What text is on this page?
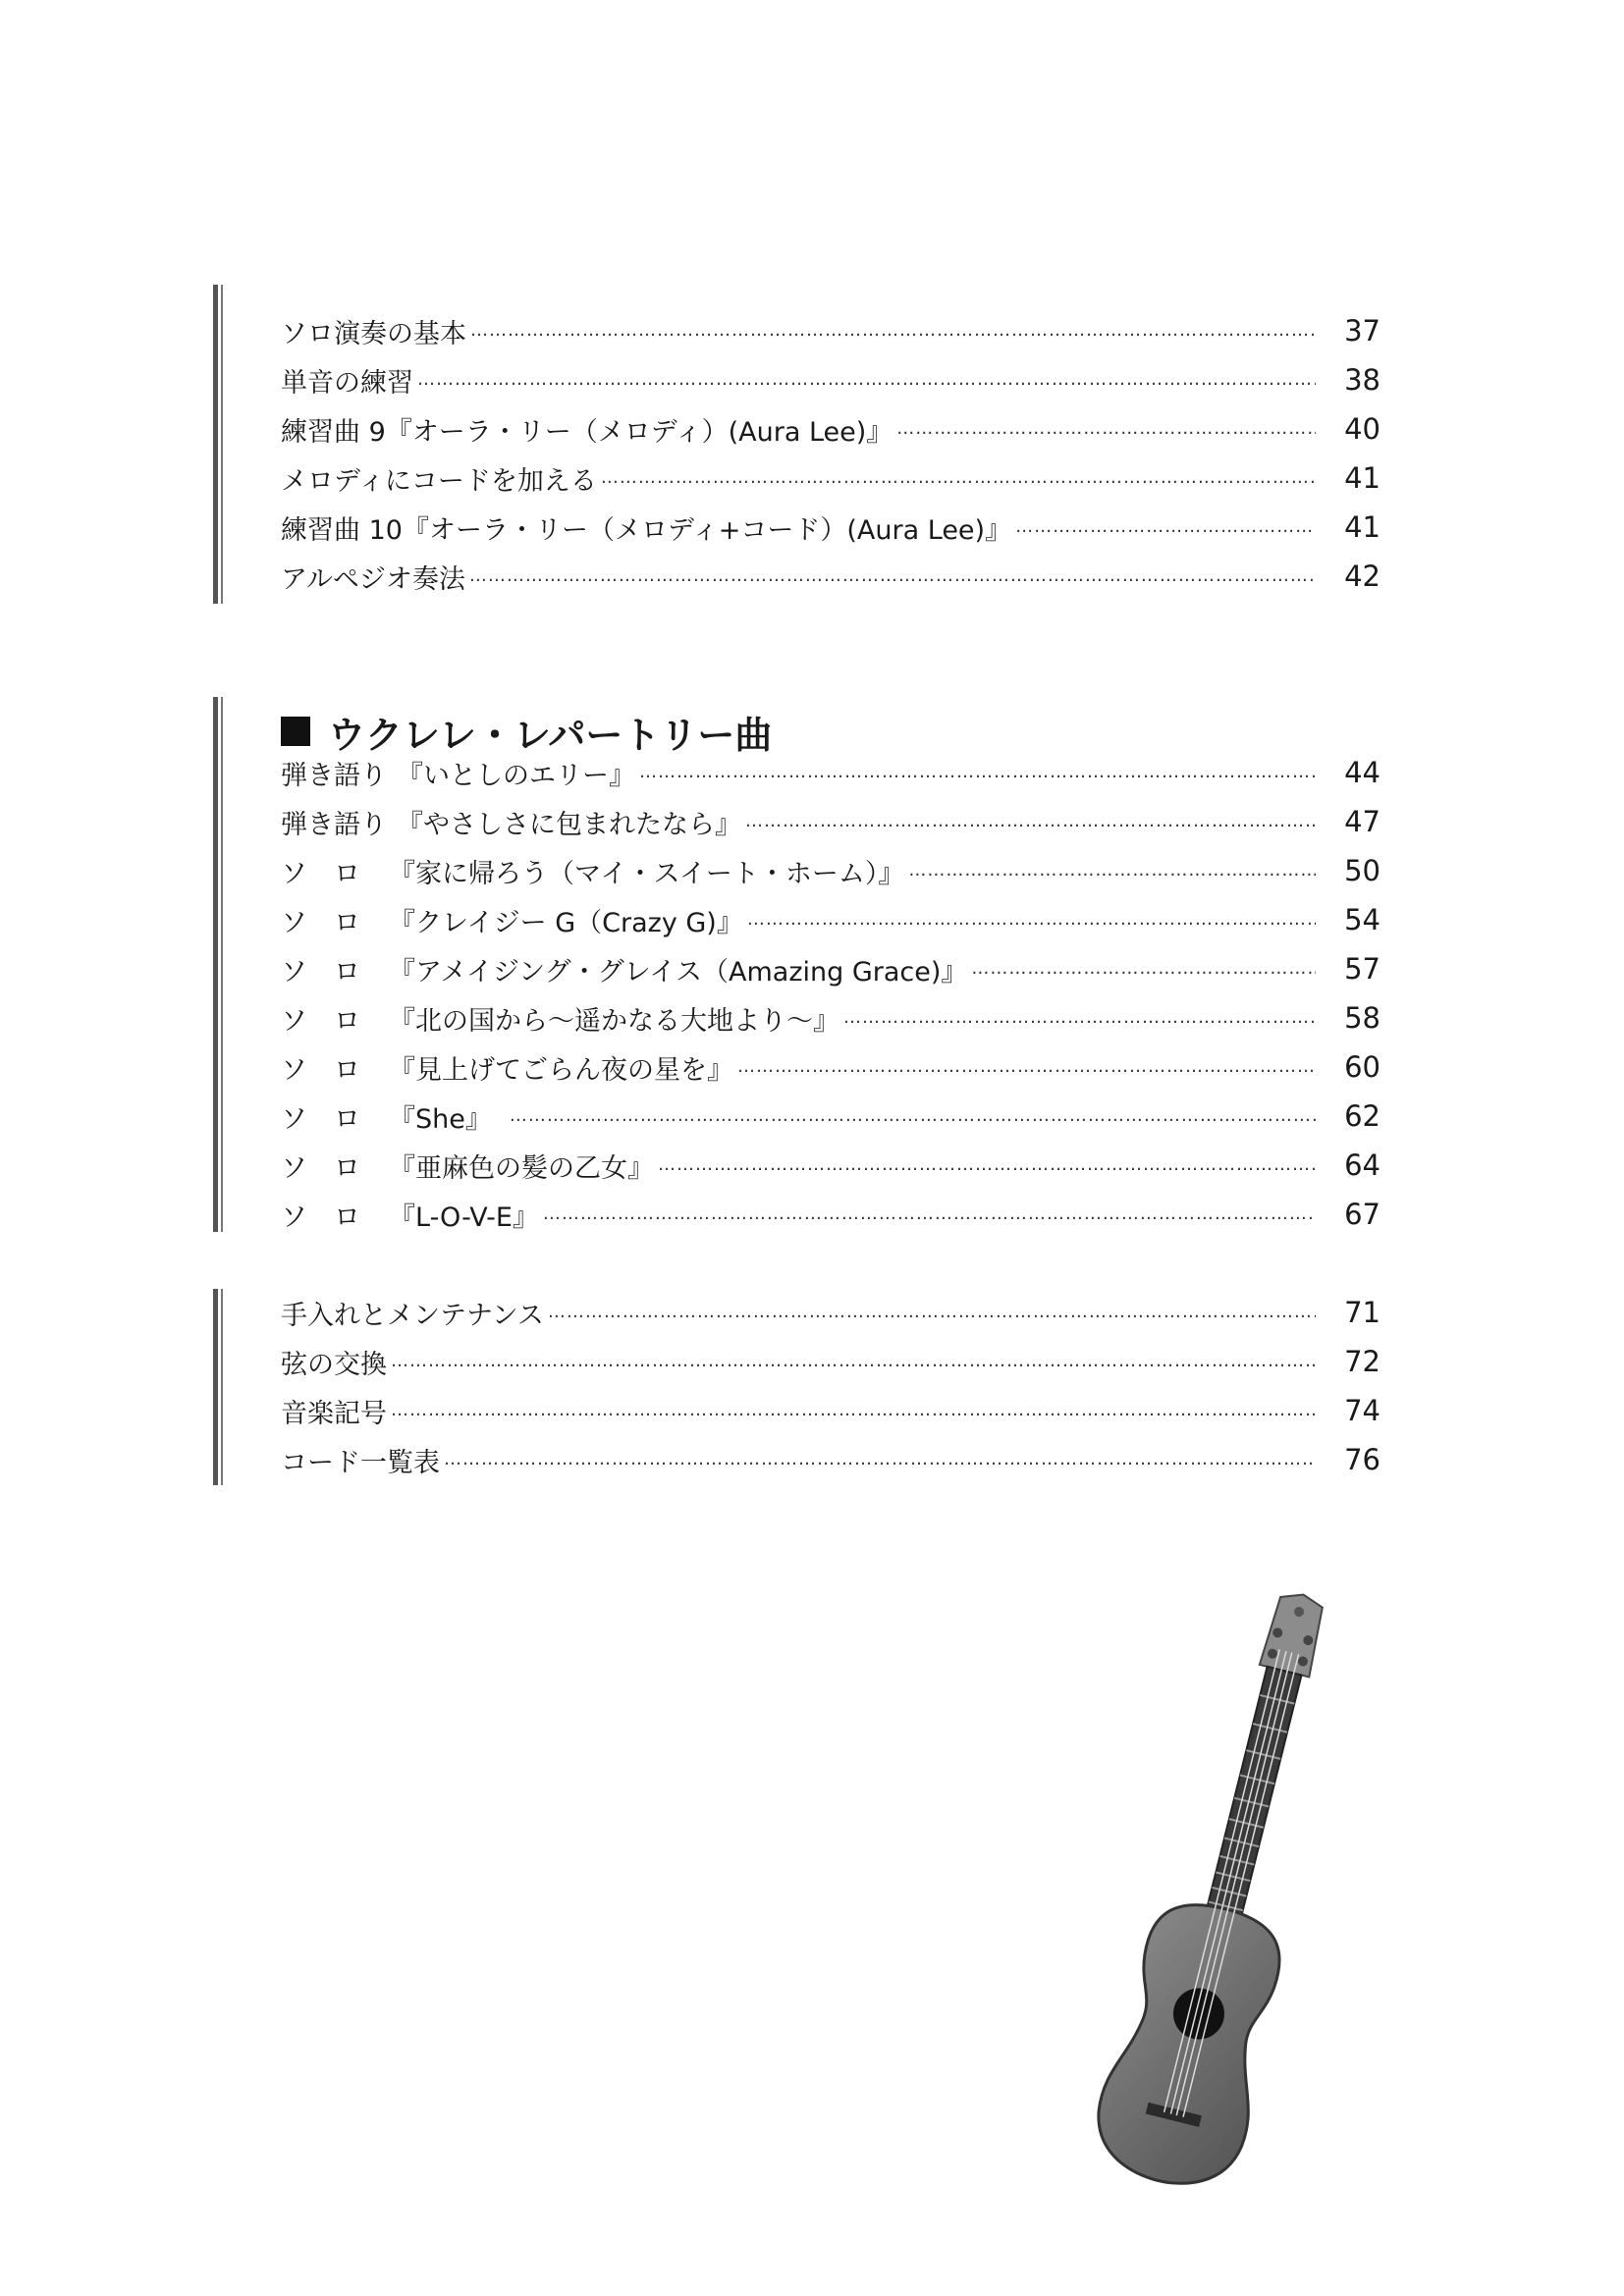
ソロ演奏の基本 …………………………………………………………………………………………………………………………………………………………………………………………………………………………………………	37
単音の練習 …………………………………………………………………………………………………………………………………………………………………………………………………………………………………………	38
練習曲 9『オーラ・リー（メロディ）(Aura Lee)』 …………………………………………………………………………………………………………………………………………………………………………………………………………………………………………	40
メロディにコードを加える …………………………………………………………………………………………………………………………………………………………………………………………………………………………………………	41
練習曲 10『オーラ・リー（メロディ+コード）(Aura Lee)』 …………………………………………………………………………………………………………………………………………………………………………………………………………………………………………	41
アルペジオ奏法 …………………………………………………………………………………………………………………………………………………………………………………………………………………………………………	42
ウクレレ・レパートリー曲
弾き語り 『いとしのエリー』 …………………………………………………………………………………………………………………………………………………………………………………………………………………………………………	44
弾き語り 『やさしさに包まれたなら』 …………………………………………………………………………………………………………………………………………………………………………………………………………………………………………	47
ソ　ロ 『家に帰ろう（マイ・スイート・ホーム）』 …………………………………………………………………………………………………………………………………………………………………………………………………………………………………………	50
ソ　ロ 『クレイジー G（Crazy G)』 …………………………………………………………………………………………………………………………………………………………………………………………………………………………………………	54
ソ　ロ 『アメイジング・グレイス（Amazing Grace)』 …………………………………………………………………………………………………………………………………………………………………………………………………………………………………………	57
ソ　ロ 『北の国から〜遥かなる大地より〜』 …………………………………………………………………………………………………………………………………………………………………………………………………………………………………………	58
ソ　ロ 『見上げてごらん夜の星を』 …………………………………………………………………………………………………………………………………………………………………………………………………………………………………………	60
ソ　ロ 『She』 …………………………………………………………………………………………………………………………………………………………………………………………………………………………………………	62
ソ　ロ 『亜麻色の髪の乙女』 …………………………………………………………………………………………………………………………………………………………………………………………………………………………………………	64
ソ　ロ 『L-O-V-E』 …………………………………………………………………………………………………………………………………………………………………………………………………………………………………………	67
手入れとメンテナンス …………………………………………………………………………………………………………………………………………………………………………………………………………………………………………	71
弦の交換 …………………………………………………………………………………………………………………………………………………………………………………………………………………………………………	72
音楽記号 …………………………………………………………………………………………………………………………………………………………………………………………………………………………………………	74
コード一覧表 …………………………………………………………………………………………………………………………………………………………………………………………………………………………………………	76
